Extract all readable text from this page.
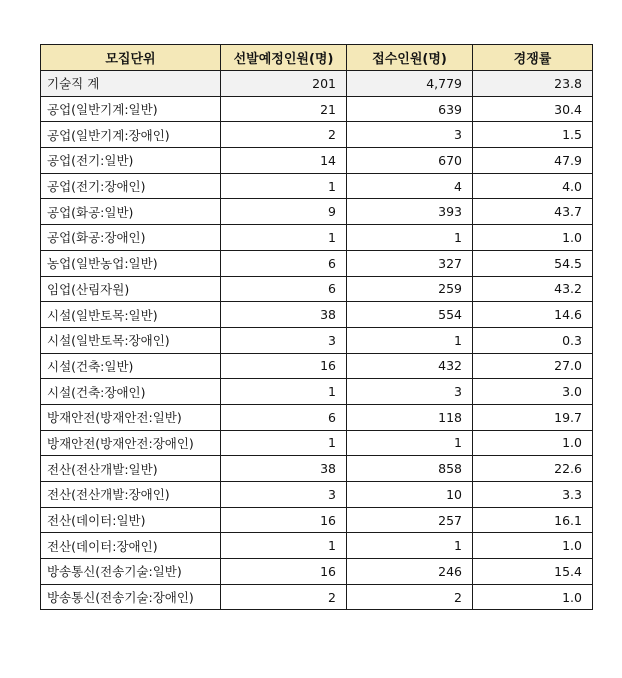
모집단위	선발예정인원(명)	접수인원(명)	경쟁률
기술직 계	201	4,779	23.8
공업(일반기계:일반)	21	639	30.4
공업(일반기계:장애인)	2	3	1.5
공업(전기:일반)	14	670	47.9
공업(전기:장애인)	1	4	4.0
공업(화공:일반)	9	393	43.7
공업(화공:장애인)	1	1	1.0
농업(일반농업:일반)	6	327	54.5
임업(산림자원)	6	259	43.2
시설(일반토목:일반)	38	554	14.6
시설(일반토목:장애인)	3	1	0.3
시설(건축:일반)	16	432	27.0
시설(건축:장애인)	1	3	3.0
방재안전(방재안전:일반)	6	118	19.7
방재안전(방재안전:장애인)	1	1	1.0
전산(전산개발:일반)	38	858	22.6
전산(전산개발:장애인)	3	10	3.3
전산(데이터:일반)	16	257	16.1
전산(데이터:장애인)	1	1	1.0
방송통신(전송기술:일반)	16	246	15.4
방송통신(전송기술:장애인)	2	2	1.0
